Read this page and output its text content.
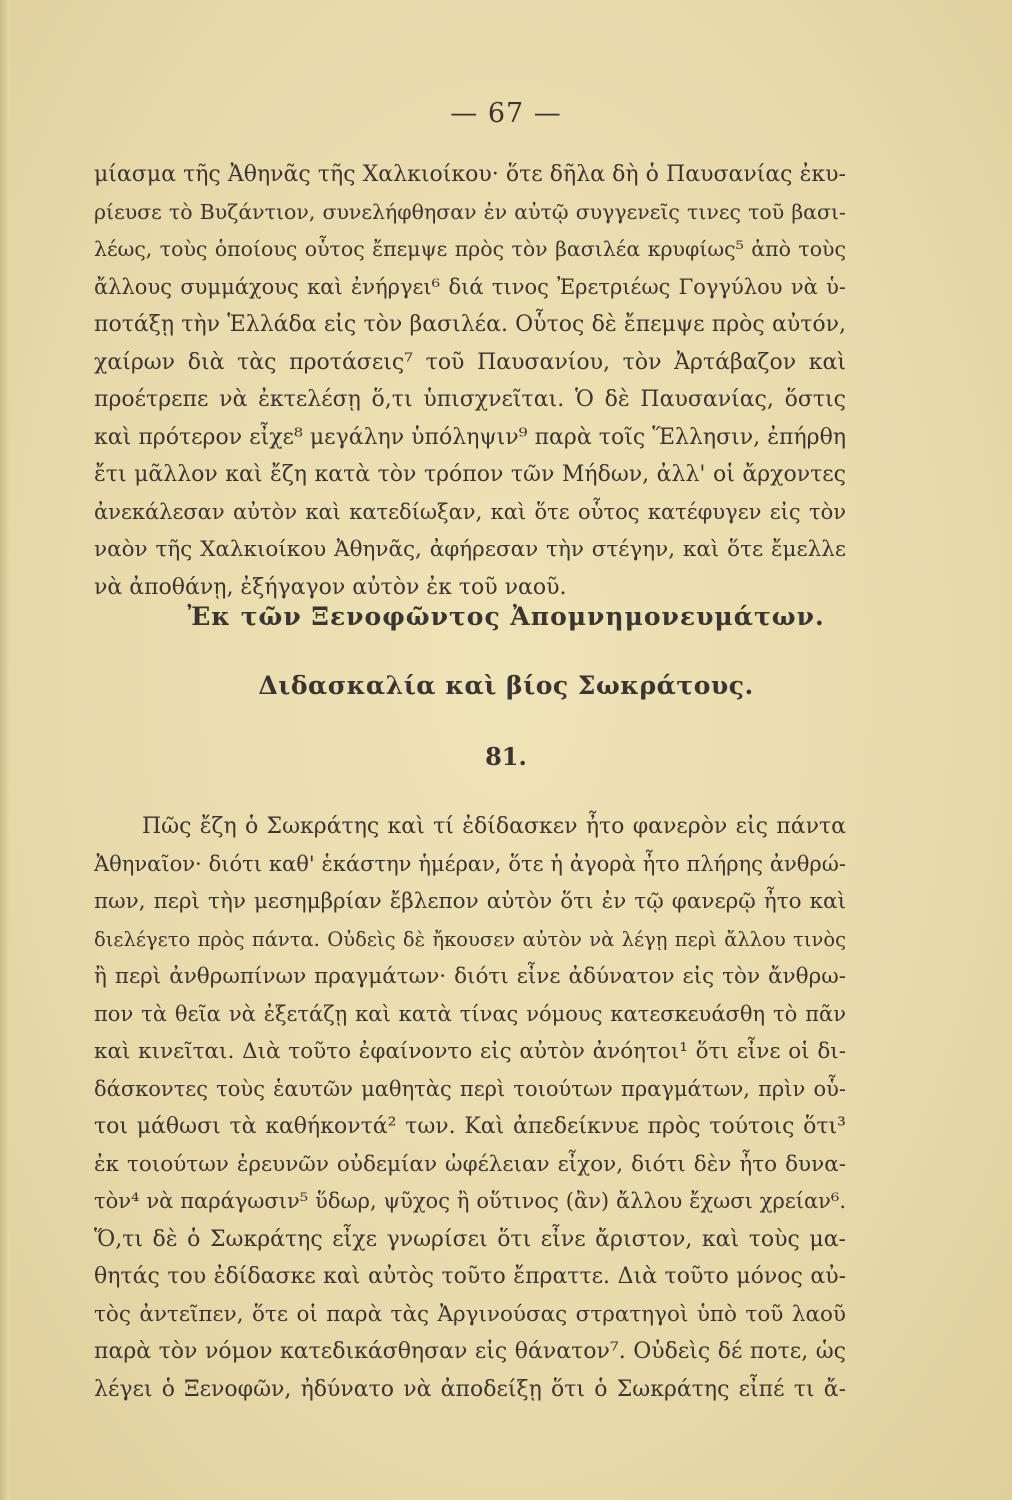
— 67 —
μίασμα τῆς Ἀθηνᾶς τῆς Χαλκιοίκου· ὅτε δῆλα δὴ ὁ Παυσανίας ἐκυ-
ρίευσε τὸ Βυζάντιον, συνελήφθησαν ἐν αὐτῷ συγγενεῖς τινες τοῦ βασι-
λέως, τοὺς ὁποίους οὗτος ἔπεμψε πρὸς τὸν βασιλέα κρυφίως⁵ ἀπὸ τοὺς
ἄλλους συμμάχους καὶ ἐνήργει⁶ διά τινος Ἐρετριέως Γογγύλου νὰ ὑ-
ποτάξῃ τὴν Ἑλλάδα εἰς τὸν βασιλέα. Οὗτος δὲ ἔπεμψε πρὸς αὐτόν,
χαίρων διὰ τὰς προτάσεις⁷ τοῦ Παυσανίου, τὸν Ἀρτάβαζον καὶ
προέτρεπε νὰ ἐκτελέσῃ ὅ,τι ὑπισχνεῖται. Ὁ δὲ Παυσανίας, ὅστις
καὶ πρότερον εἶχε⁸ μεγάλην ὑπόληψιν⁹ παρὰ τοῖς Ἕλλησιν, ἐπήρθη
ἔτι μᾶλλον καὶ ἔζη κατὰ τὸν τρόπον τῶν Μήδων, ἀλλ' οἱ ἄρχοντες
ἀνεκάλεσαν αὐτὸν καὶ κατεδίωξαν, καὶ ὅτε οὗτος κατέφυγεν εἰς τὸν
ναὸν τῆς Χαλκιοίκου Ἀθηνᾶς, ἀφήρεσαν τὴν στέγην, καὶ ὅτε ἔμελλε
νὰ ἀποθάνῃ, ἐξήγαγον αὐτὸν ἐκ τοῦ ναοῦ.
Ἐκ τῶν Ξενοφῶντος Ἀπομνημονευμάτων.
Διδασκαλία καὶ βίος Σωκράτους.
81.
Πῶς ἔζη ὁ Σωκράτης καὶ τί ἐδίδασκεν ἦτο φανερὸν εἰς πάντα
Ἀθηναῖον· διότι καθ' ἑκάστην ἡμέραν, ὅτε ἡ ἀγορὰ ἦτο πλήρης ἀνθρώ-
πων, περὶ τὴν μεσημβρίαν ἔβλεπον αὐτὸν ὅτι ἐν τῷ φανερῷ ἦτο καὶ
διελέγετο πρὸς πάντα. Οὐδεὶς δὲ ἤκουσεν αὐτὸν νὰ λέγῃ περὶ ἄλλου τινὸς
ἢ περὶ ἀνθρωπίνων πραγμάτων· διότι εἶνε ἀδύνατον εἰς τὸν ἄνθρω-
πον τὰ θεῖα νὰ ἐξετάζῃ καὶ κατὰ τίνας νόμους κατεσκευάσθη τὸ πᾶν
καὶ κινεῖται. Διὰ τοῦτο ἐφαίνοντο εἰς αὐτὸν ἀνόητοι¹ ὅτι εἶνε οἱ δι-
δάσκοντες τοὺς ἑαυτῶν μαθητὰς περὶ τοιούτων πραγμάτων, πρὶν οὗ-
τοι μάθωσι τὰ καθήκοντά² των. Καὶ ἀπεδείκνυε πρὸς τούτοις ὅτι³
ἐκ τοιούτων ἐρευνῶν οὐδεμίαν ὠφέλειαν εἶχον, διότι δὲν ἦτο δυνα-
τὸν⁴ νὰ παράγωσιν⁵ ὕδωρ, ψῦχος ἢ οὕτινος (ἂν) ἄλλου ἔχωσι χρείαν⁶.
Ὅ,τι δὲ ὁ Σωκράτης εἶχε γνωρίσει ὅτι εἶνε ἄριστον, καὶ τοὺς μα-
θητάς του ἐδίδασκε καὶ αὐτὸς τοῦτο ἔπραττε. Διὰ τοῦτο μόνος αὐ-
τὸς ἀντεῖπεν, ὅτε οἱ παρὰ τὰς Ἀργινούσας στρατηγοὶ ὑπὸ τοῦ λαοῦ
παρὰ τὸν νόμον κατεδικάσθησαν εἰς θάνατον⁷. Οὐδεὶς δέ ποτε, ὡς
λέγει ὁ Ξενοφῶν, ἠδύνατο νὰ ἀποδείξῃ ὅτι ὁ Σωκράτης εἶπέ τι ἄ-
